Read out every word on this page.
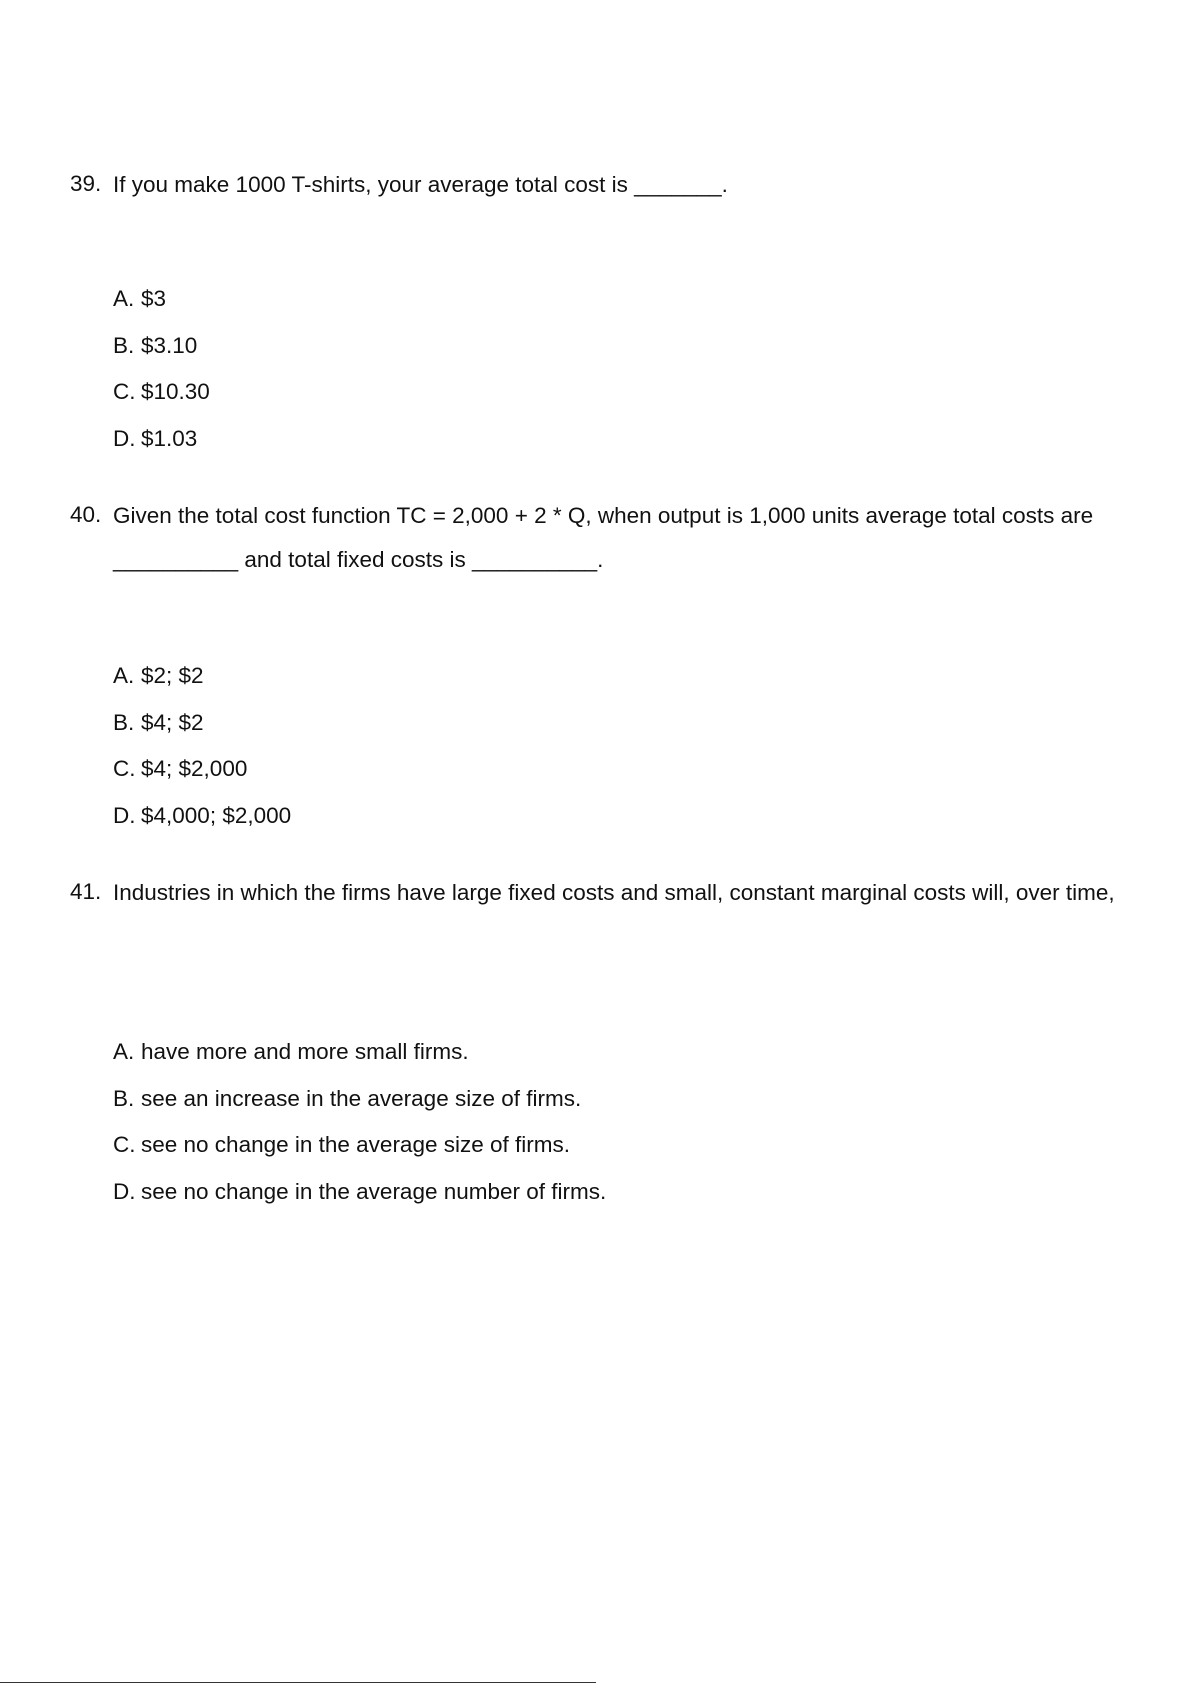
39. If you make 1000 T-shirts, your average total cost is _______.
A. $3
B. $3.10
C. $10.30
D. $1.03
40. Given the total cost function TC = 2,000 + 2 * Q, when output is 1,000 units average total costs are __________ and total fixed costs is __________.
A. $2; $2
B. $4; $2
C. $4; $2,000
D. $4,000; $2,000
41. Industries in which the firms have large fixed costs and small, constant marginal costs will, over time,
A. have more and more small firms.
B. see an increase in the average size of firms.
C. see no change in the average size of firms.
D. see no change in the average number of firms.
